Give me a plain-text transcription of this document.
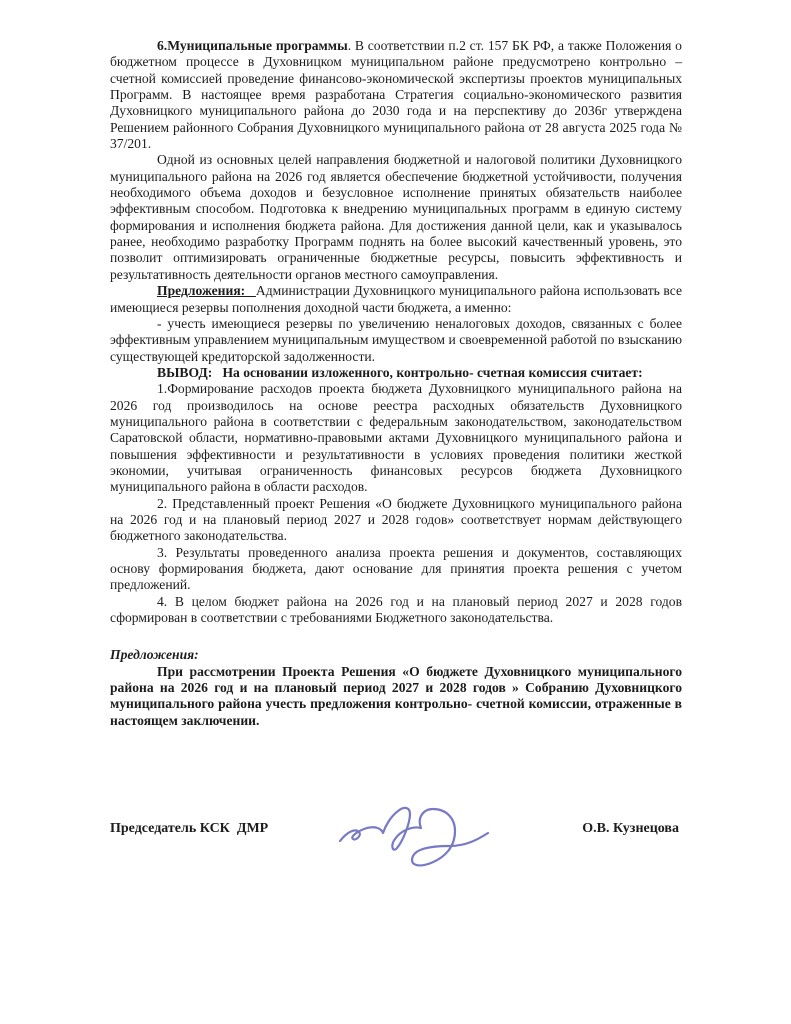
6.Муниципальные программы. В соответствии п.2 ст. 157 БК РФ, а также Положения о бюджетном процессе в Духовницком муниципальном районе предусмотрено контрольно – счетной комиссией проведение финансово-экономической экспертизы проектов муниципальных Программ. В настоящее время разработана Стратегия социально-экономического развития Духовницкого муниципального района до 2030 года и на перспективу до 2036г утверждена Решением районного Собрания Духовницкого муниципального района от 28 августа 2025 года № 37/201.

Одной из основных целей направления бюджетной и налоговой политики Духовницкого муниципального района на 2026 год является обеспечение бюджетной устойчивости, получения необходимого объема доходов и безусловное исполнение принятых обязательств наиболее эффективным способом. Подготовка к внедрению муниципальных программ в единую систему формирования и исполнения бюджета района. Для достижения данной цели, как и указывалось ранее, необходимо разработку Программ поднять на более высокий качественный уровень, это позволит оптимизировать ограниченные бюджетные ресурсы, повысить эффективность и результативность деятельности органов местного самоуправления.

Предложения:   Администрации Духовницкого муниципального района использовать все имеющиеся резервы пополнения доходной части бюджета, а именно:

- учесть имеющиеся резервы по увеличению неналоговых доходов, связанных с более эффективным управлением муниципальным имуществом и своевременной работой по взысканию существующей кредиторской задолженности.

ВЫВОД:   На основании изложенного, контрольно- счетная комиссия считает:

1.Формирование расходов проекта бюджета Духовницкого муниципального района на 2026 год производилось на основе реестра расходных обязательств Духовницкого муниципального района в соответствии с федеральным законодательством, законодательством Саратовской области, нормативно-правовыми актами Духовницкого муниципального района и повышения эффективности и результативности в условиях проведения политики жесткой экономии, учитывая ограниченность финансовых ресурсов бюджета Духовницкого муниципального района в области расходов.

2. Представленный проект Решения «О бюджете Духовницкого муниципального района на 2026 год и на плановый период 2027 и 2028 годов» соответствует нормам действующего бюджетного законодательства.

3. Результаты проведенного анализа проекта решения и документов, составляющих основу формирования бюджета, дают основание для принятия проекта решения с учетом предложений.

4. В целом бюджет района на 2026 год и на плановый период 2027 и 2028 годов сформирован в соответствии с требованиями Бюджетного законодательства.

Предложения:

При рассмотрении Проекта Решения «О бюджете Духовницкого муниципального района на 2026 год и на плановый период 2027 и 2028 годов » Собранию Духовницкого муниципального района учесть предложения контрольно- счетной комиссии, отраженные в настоящем заключении.

Председатель КСК  ДМР	О.В. Кузнецова
